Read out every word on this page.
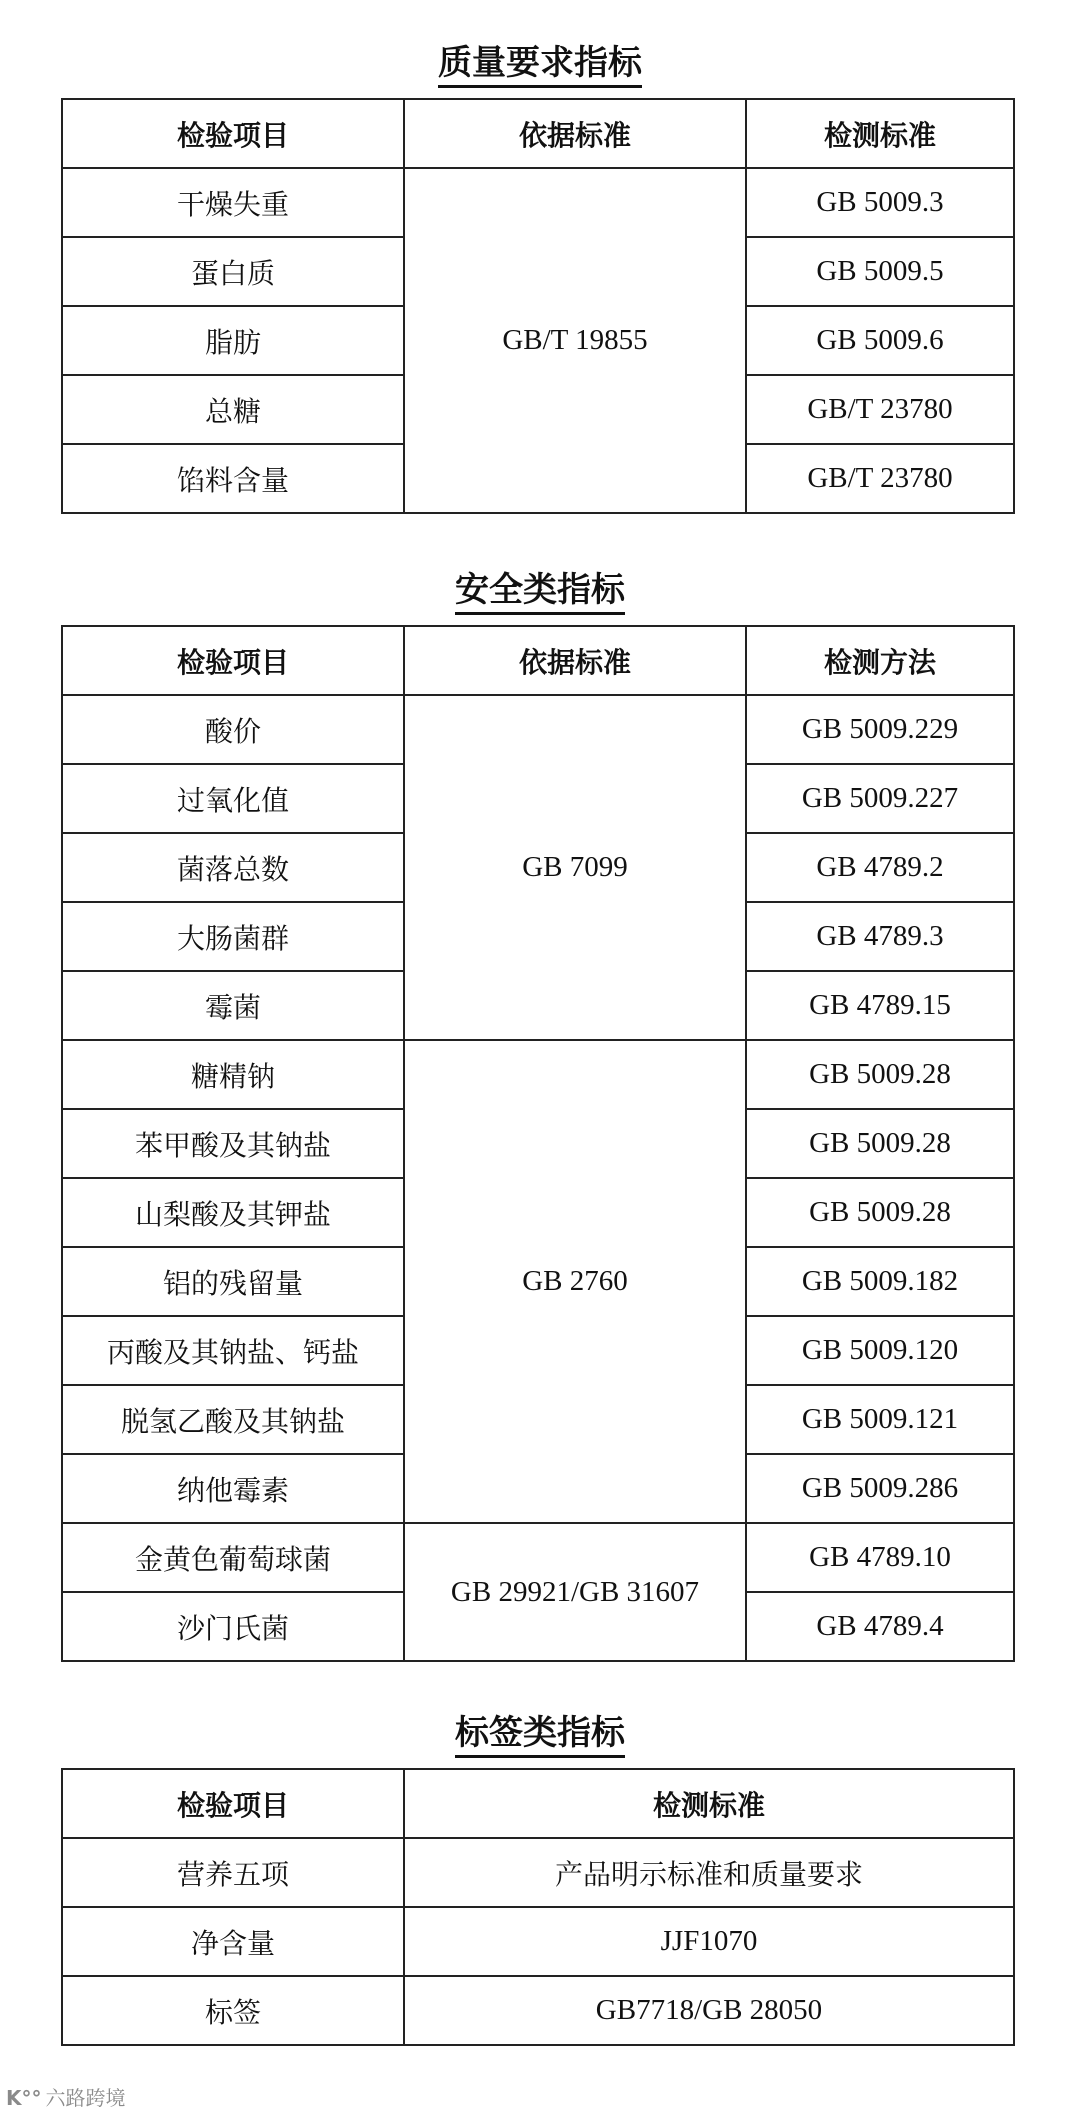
质量要求指标
检验项目	依据标准	检测标准
干燥失重	GB/T 19855	GB 5009.3
蛋白质		GB 5009.5
脂肪		GB 5009.6
总糖		GB/T 23780
馅料含量		GB/T 23780
安全类指标
检验项目	依据标准	检测方法
酸价	GB 7099	GB 5009.229
过氧化值		GB 5009.227
菌落总数		GB 4789.2
大肠菌群		GB 4789.3
霉菌		GB 4789.15
糖精钠	GB 2760	GB 5009.28
苯甲酸及其钠盐		GB 5009.28
山梨酸及其钾盐		GB 5009.28
铝的残留量		GB 5009.182
丙酸及其钠盐、钙盐		GB 5009.120
脱氢乙酸及其钠盐		GB 5009.121
纳他霉素		GB 5009.286
金黄色葡萄球菌	GB 29921/GB 31607	GB 4789.10
沙门氏菌		GB 4789.4
标签类指标
检验项目	检测标准
营养五项	产品明示标准和质量要求
净含量	JJF1070
标签	GB7718/GB 28050
K°° 六路跨境
